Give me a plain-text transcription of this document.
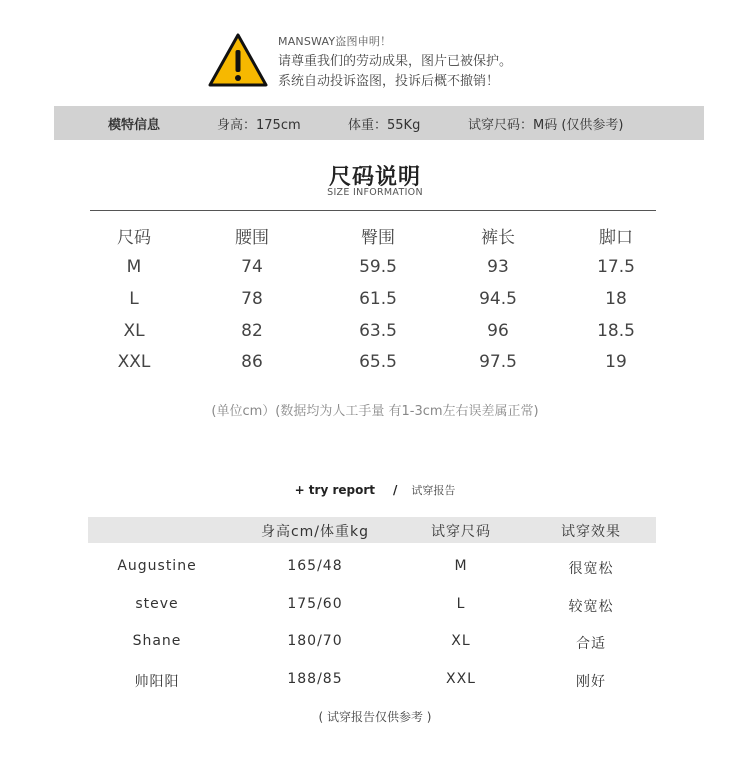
MANSWAY盗图申明！
请尊重我们的劳动成果，图片已被保护。
系统自动投诉盗图，投诉后概不撤销！
模特信息	身高：175cm	体重：55Kg	试穿尺码：M码 (仅供参考)
尺码说明
SIZE INFORMATION
尺码	腰围	臀围	裤长	脚口
M	74	59.5	93	17.5
L	78	61.5	94.5	18
XL	82	63.5	96	18.5
XXL	86	65.5	97.5	19
(单位cm）(数据均为人工手量 有1-3cm左右误差属正常)
+ try report / 试穿报告
身高cm/体重kg	试穿尺码	试穿效果
Augustine	165/48	M	很宽松
steve	175/60	L	较宽松
Shane	180/70	XL	合适
帅阳阳	188/85	XXL	刚好
( 试穿报告仅供参考 )
